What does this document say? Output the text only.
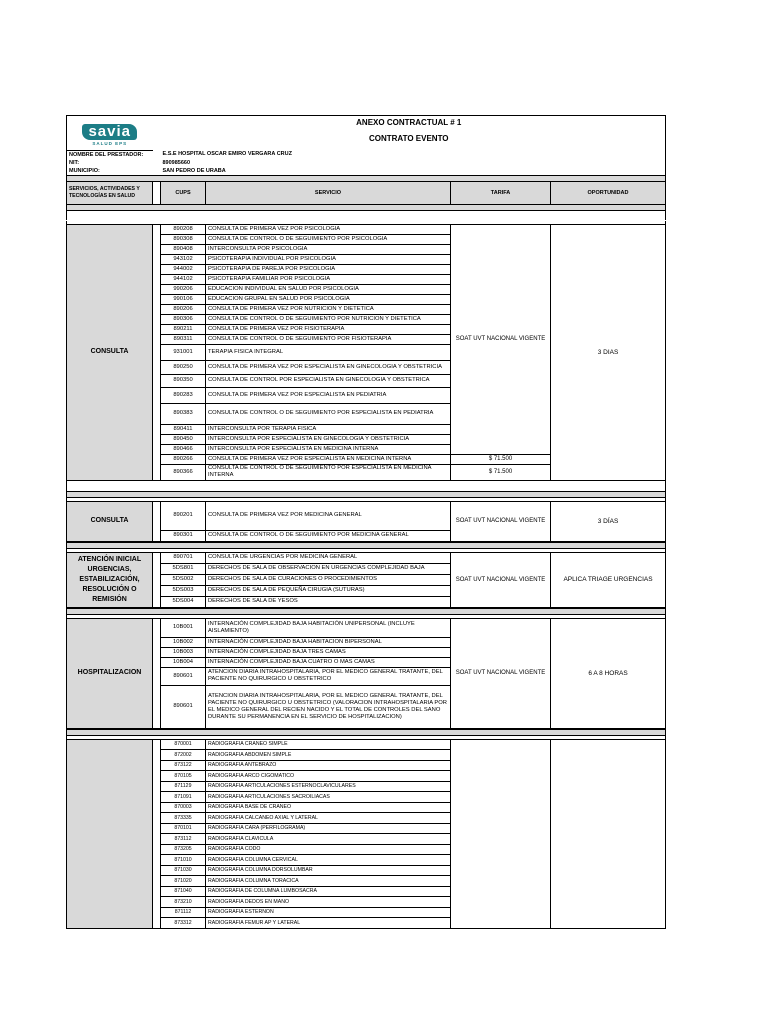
savia
SALUD EPS	ANEXO CONTRACTUAL # 1				
	CONTRATO EVENTO				

NOMBRE DEL PRESTADOR:		E.S.E HOSPITAL OSCAR EMIRO VERGARA CRUZ			
NIT:		890985660			
MUNICIPIO:		SAN PEDRO DE URABA			

SERVICIOS, ACTIVIDADES Y TECNOLOGÍAS EN SALUD		CUPS	SERVICIO	TARIFA	OPORTUNIDAD

CONSULTA		890208	CONSULTA DE PRIMERA VEZ POR PSICOLOGIA	SOAT UVT NACIONAL VIGENTE	3 DIAS
		890308	CONSULTA DE CONTROL O DE SEGUIMIENTO POR PSICOLOGIA		
		890408	INTERCONSULTA POR PSICOLOGIA		
		943102	PSICOTERAPIA INDIVIDUAL POR PSICOLOGIA		
		944002	PSICOTERAPIA DE PAREJA POR PSICOLOGIA		
		944102	PSICOTERAPIA FAMILIAR POR PSICOLOGIA		
		990206	EDUCACION INDIVIDUAL EN SALUD POR PSICOLOGIA		
		990106	EDUCACION GRUPAL EN SALUD POR PSICOLOGIA		
		890206	CONSULTA DE PRIMERA VEZ POR NUTRICION Y DIETETICA		
		890306	CONSULTA DE CONTROL O DE SEGUIMIENTO POR NUTRICION Y DIETETICA		
		890211	CONSULTA DE PRIMERA VEZ POR FISIOTERAPIA		
		890311	CONSULTA DE CONTROL O DE SEGUIMIENTO POR FISIOTERAPIA		
		931001	TERAPIA FISICA INTEGRAL		
		890250	CONSULTA DE PRIMERA VEZ POR ESPECIALISTA EN GINECOLOGIA Y OBSTETRICIA		
		890350	CONSULTA DE CONTROL POR ESPECIALISTA EN GINECOLOGIA Y OBSTETRICA		
		890283	CONSULTA DE PRIMERA VEZ POR ESPECIALISTA EN PEDIATRIA		
		890383	CONSULTA DE CONTROL O DE SEGUIMIENTO POR ESPECIALISTA EN PEDIATRIA		
		890411	INTERCONSULTA POR TERAPIA FISICA		
		890450	INTERCONSULTA POR ESPECIALISTA EN GINECOLOGIA Y OBSTETRICIA		
		890466	INTERCONSULTA POR ESPECIALISTA EN MEDICINA INTERNA		
		890266	CONSULTA DE PRIMERA VEZ POR ESPECIALISTA EN MEDICINA INTERNA	$ 71.500	
		890366	CONSULTA DE CONTROL O DE SEGUIMIENTO POR ESPECIALISTA EN MEDICINA INTERNA	$ 71.500	

CONSULTA		890201	CONSULTA DE PRIMERA VEZ POR MEDICINA GENERAL	SOAT UVT NACIONAL VIGENTE	3 DÍAS
		890301	CONSULTA DE CONTROL O DE SEGUIMIENTO POR MEDICINA GENERAL		

ATENCIÓN INICIAL URGENCIAS, ESTABILIZACIÓN, RESOLUCIÓN O REMISIÓN		890701	CONSULTA DE URGENCIAS POR MEDICINA GENERAL	SOAT UVT NACIONAL VIGENTE	APLICA TRIAGE URGENCIAS
		5DS801	DERECHOS DE SALA DE OBSERVACION EN URGENCIAS COMPLEJIDAD BAJA		
		5DS002	DERECHOS DE SALA DE CURACIONES O PROCEDIMIENTOS		
		5DS003	DERECHOS DE SALA DE PEQUEÑA CIRUGIA (SUTURAS)		
		5DS004	DERECHOS DE SALA DE YESOS		

HOSPITALIZACION		10B001	INTERNACIÓN COMPLEJIDAD BAJA HABITACIÓN UNIPERSONAL (INCLUYE AISLAMIENTO)	SOAT UVT NACIONAL VIGENTE	6 A 8 HORAS
		10B002	INTERNACIÓN COMPLEJIDAD BAJA HABITACION BIPERSONAL		
		10B003	INTERNACIÓN COMPLEJIDAD BAJA TRES CAMAS		
		10B004	INTERNACIÓN COMPLEJIDAD BAJA CUATRO O MAS CAMAS		
		890601	ATENCION DIARIA INTRAHOSPITALARIA, POR EL MEDICO GENERAL TRATANTE, DEL PACIENTE NO QUIRURGICO U OBSTETRICO		
		890601	ATENCION DIARIA INTRAHOSPITALARIA, POR EL MEDICO GENERAL TRATANTE, DEL PACIENTE NO QUIRURGICO U OBSTETRICO (VALORACION INTRAHOSPITALARIA POR EL MEDICO GENERAL DEL RECIEN NACIDO Y EL TOTAL DE CONTROLES DEL SANO DURANTE SU PERMANENCIA EN EL SERVICIO DE HOSPITALIZACION)		

		870001	RADIOGRAFIA CRANEO SIMPLE		
		872002	RADIOGRAFIA ABDOMEN SIMPLE		
		873122	RADIOGRAFIA ANTEBRAZO		
		870105	RADIOGRAFIA ARCO CIGOMATICO		
		871129	RADIOGRAFIA ARTICULACIONES ESTERNOCLAVICULARES		
		871091	RADIOGRAFIA ARTICULACIONES SACROILIACAS		
		870003	RADIOGRAFIA BASE DE CRANEO		
		873335	RADIOGRAFIA CALCANEO AXIAL Y LATERAL		
		870101	RADIOGRAFIA CARA (PERFILOGRAMA)		
		873112	RADIOGRAFIA CLAVICULA		
		873205	RADIOGRAFIA CODO		
		871010	RADIOGRAFIA COLUMNA CERVICAL		
		871030	RADIOGRAFIA COLUMNA DORSOLUMBAR		
		871020	RADIOGRAFIA COLUMNA TORACICA		
		871040	RADIOGRAFIA DE COLUMNA LUMBOSACRA		
		873210	RADIOGRAFIA DEDOS EN MANO		
		871112	RADIOGRAFIA ESTERNON		
		873312	RADIOGRAFIA FEMUR AP Y LATERAL		
